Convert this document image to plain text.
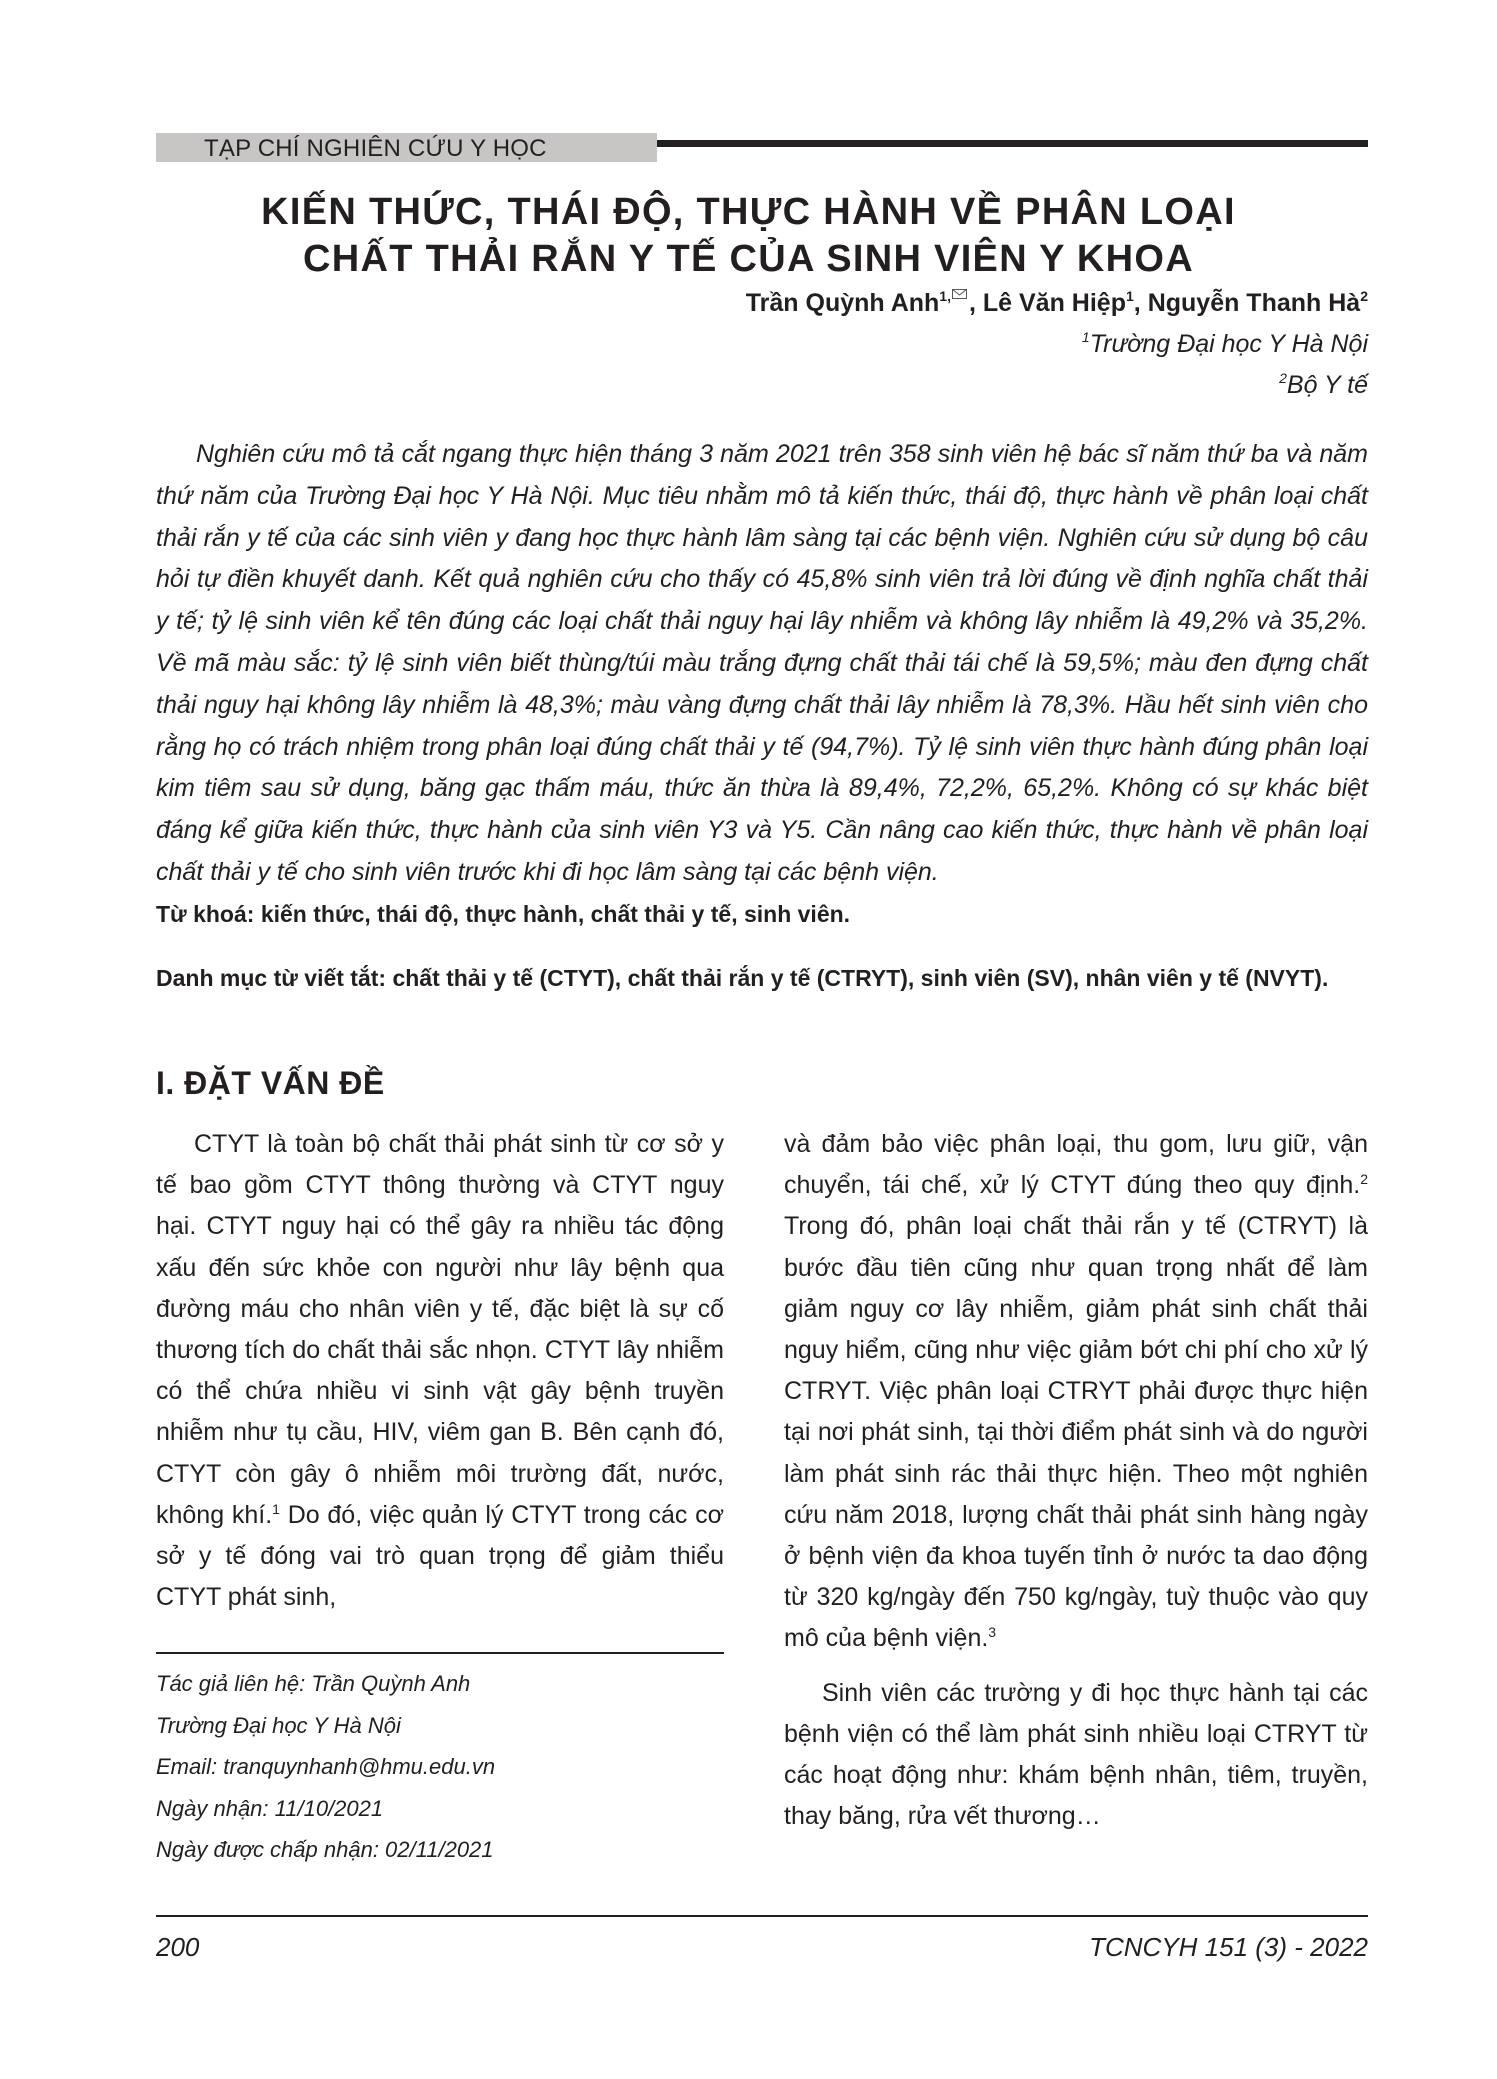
TẠP CHÍ NGHIÊN CỨU Y HỌC
KIẾN THỨC, THÁI ĐỘ, THỰC HÀNH VỀ PHÂN LOẠI
CHẤT THẢI RẮN Y TẾ CỦA SINH VIÊN Y KHOA
Trần Quỳnh Anh$^{1,}$ , Lê Văn Hiệp$^1$, Nguyễn Thanh $Hà^2$
$^1$Trường Đại học Y Hà Nội
$^2$Bộ Y tế
Nghiên cứu mô tả cắt ngang thực hiện tháng 3 năm 2021 trên 358 sinh viên hệ bác sĩ năm thứ ba và năm thứ năm của Trường Đại học Y Hà Nội. Mục tiêu nhằm mô tả kiến thức, thái độ, thực hành về phân loại chất thải rắn y tế của các sinh viên y đang học thực hành lâm sàng tại các bệnh viện. Nghiên cứu sử dụng bộ câu hỏi tự điền khuyết danh. Kết quả nghiên cứu cho thấy có 45,8% sinh viên trả lời đúng về định nghĩa chất thải y tế; tỷ lệ sinh viên kể tên đúng các loại chất thải nguy hại lây nhiễm và không lây nhiễm là 49,2% và 35,2%. Về mã màu sắc: tỷ lệ sinh viên biết thùng/túi màu trắng đựng chất thải tái chế là 59,5%; màu đen đựng chất thải nguy hại không lây nhiễm là 48,3%; màu vàng đựng chất thải lây nhiễm là 78,3%. Hầu hết sinh viên cho rằng họ có trách nhiệm trong phân loại đúng chất thải y tế (94,7%). Tỷ lệ sinh viên thực hành đúng phân loại kim tiêm sau sử dụng, băng gạc thấm máu, thức ăn thừa là 89,4%, 72,2%, 65,2%. Không có sự khác biệt đáng kể giữa kiến thức, thực hành của sinh viên Y3 và Y5. Cần nâng cao kiến thức, thực hành về phân loại chất thải y tế cho sinh viên trước khi đi học lâm sàng tại các bệnh viện.
Từ khoá: kiến thức, thái độ, thực hành, chất thải y tế, sinh viên.
Danh mục từ viết tắt: chất thải y tế (CTYT), chất thải rắn y tế (CTRYT), sinh viên (SV), nhân viên y tế (NVYT).
I. ĐẶT VẤN ĐỀ

CTYT là toàn bộ chất thải phát sinh từ cơ sở y tế bao gồm CTYT thông thường và CTYT nguy hại. CTYT nguy hại có thể gây ra nhiều tác động xấu đến sức khỏe con người như lây bệnh qua đường máu cho nhân viên y tế, đặc biệt là sự cố thương tích do chất thải sắc nhọn. CTYT lây nhiễm có thể chứa nhiều vi sinh vật gây bệnh truyền nhiễm như tụ cầu, HIV, viêm gan B. Bên cạnh đó, CTYT còn gây ô nhiễm môi trường đất, nước, không khí.$^1$ Do đó, việc quản lý CTYT trong các cơ sở y tế đóng vai trò quan trọng để giảm thiểu CTYT phát sinh,

và đảm bảo việc phân loại, thu gom, lưu giữ, vận chuyển, tái chế, xử lý CTYT đúng theo quy định.$^2$ Trong đó, phân loại chất thải rắn y tế (CTRYT) là bước đầu tiên cũng như quan trọng nhất để làm giảm nguy cơ lây nhiễm, giảm phát sinh chất thải nguy hiểm, cũng như việc giảm bớt chi phí cho xử lý CTRYT. Việc phân loại CTRYT phải được thực hiện tại nơi phát sinh, tại thời điểm phát sinh và do người làm phát sinh rác thải thực hiện. Theo một nghiên cứu năm 2018, lượng chất thải phát sinh hàng ngày ở bệnh viện đa khoa tuyến tỉnh ở nước ta dao động từ 320 kg/ngày đến 750 kg/ngày, tuỳ thuộc vào quy mô của bệnh viện.$^3$

Sinh viên các trường y đi học thực hành tại các bệnh viện có thể làm phát sinh nhiều loại CTRYT từ các hoạt động như: khám bệnh nhân, tiêm, truyền, thay băng, rửa vết thương…

Tác giả liên hệ: Trần Quỳnh Anh
Trường Đại học Y Hà Nội
Email: tranquynhanh@hmu.edu.vn
Ngày nhận: 11/10/2021
Ngày được chấp nhận: 02/11/2021
200	TCNCYH 151 (3) - 2022
